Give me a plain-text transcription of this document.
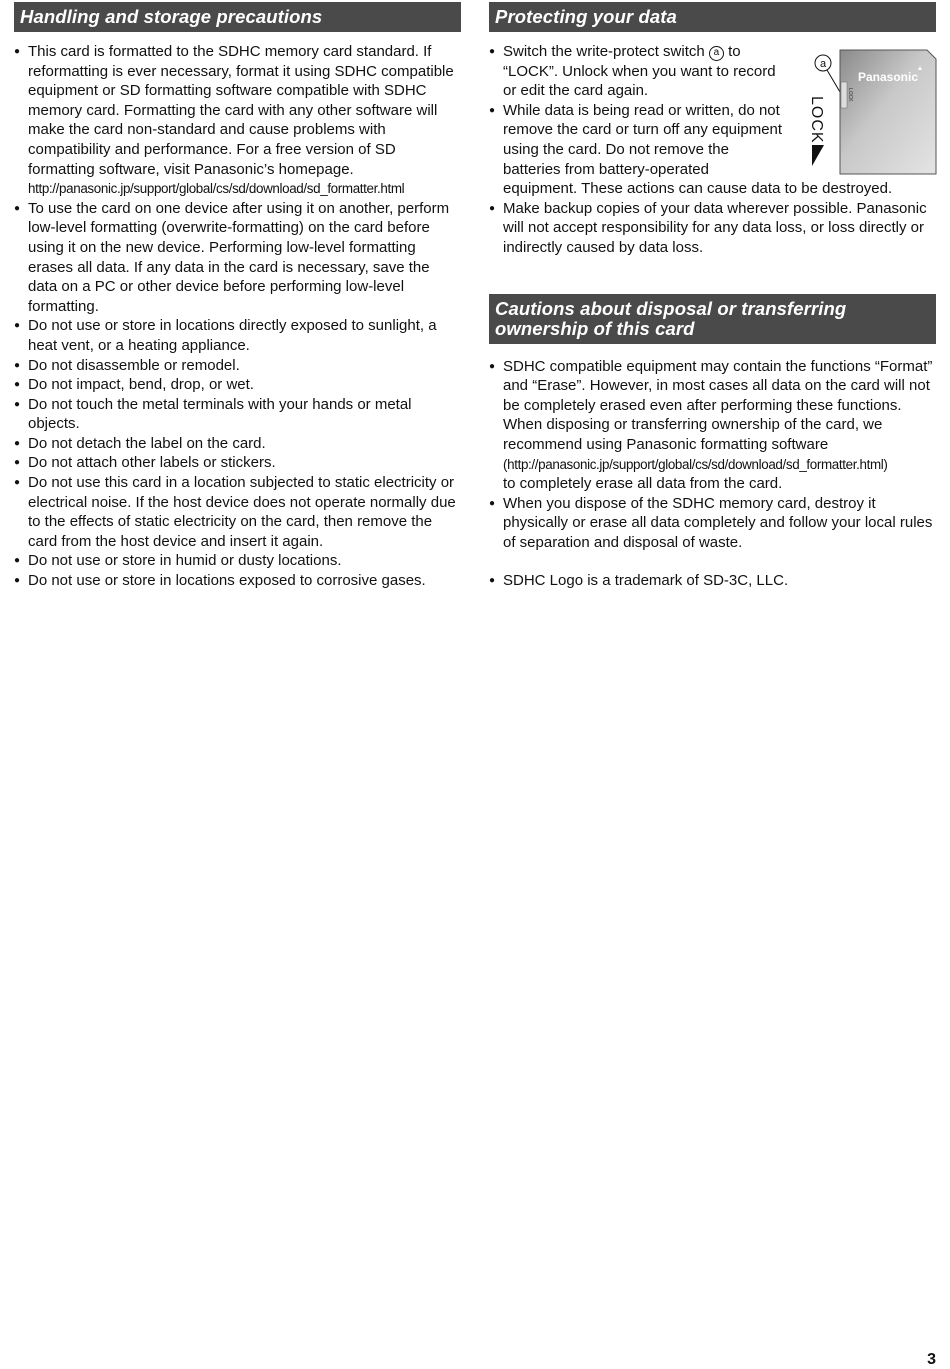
Handling and storage precautions
● This card is formatted to the SDHC memory card standard. If reformatting is ever necessary, format it using SDHC compatible equipment or SD formatting software compatible with SDHC memory card. Formatting the card with any other software will make the card non-standard and cause problems with compatibility and performance. For a free version of SD formatting software, visit Panasonic’s homepage.
http://panasonic.jp/support/global/cs/sd/download/sd_formatter.html
● To use the card on one device after using it on another, perform low-level formatting (overwrite-formatting) on the card before using it on the new device. Performing low-level formatting erases all data. If any data in the card is necessary, save the data on a PC or other device before performing low-level formatting.
● Do not use or store in locations directly exposed to sunlight, a heat vent, or a heating appliance.
● Do not disassemble or remodel.
● Do not impact, bend, drop, or wet.
● Do not touch the metal terminals with your hands or metal objects.
● Do not detach the label on the card.
● Do not attach other labels or stickers.
● Do not use this card in a location subjected to static electricity or electrical noise. If the host device does not operate normally due to the effects of static electricity on the card, then remove the card from the host device and insert it again.
● Do not use or store in humid or dusty locations.
● Do not use or store in locations exposed to corrosive gases.
Protecting your data
● Switch the write-protect switch a to
“LOCK”. Unlock when you want to record
or edit the card again.
● While data is being read or written, do not
remove the card or turn off any equipment
using the card. Do not remove the
batteries from battery-operated
equipment. These actions can cause data to be destroyed.
● Make backup copies of your data wherever possible. Panasonic will not accept responsibility for any data loss, or loss directly or indirectly caused by data loss.
Cautions about disposal or transferring
ownership of this card
● SDHC compatible equipment may contain the functions “Format” and “Erase”. However, in most cases all data on the card will not be completely erased even after performing these functions. When disposing or transferring ownership of the card, we recommend using Panasonic formatting software
(http://panasonic.jp/support/global/cs/sd/download/sd_formatter.html)
to completely erase all data from the card.
● When you dispose of the SDHC memory card, destroy it physically or erase all data completely and follow your local rules of separation and disposal of waste.
● SDHC Logo is a trademark of SD-3C, LLC.
a
LOCK
LOCK
Panasonic
3
